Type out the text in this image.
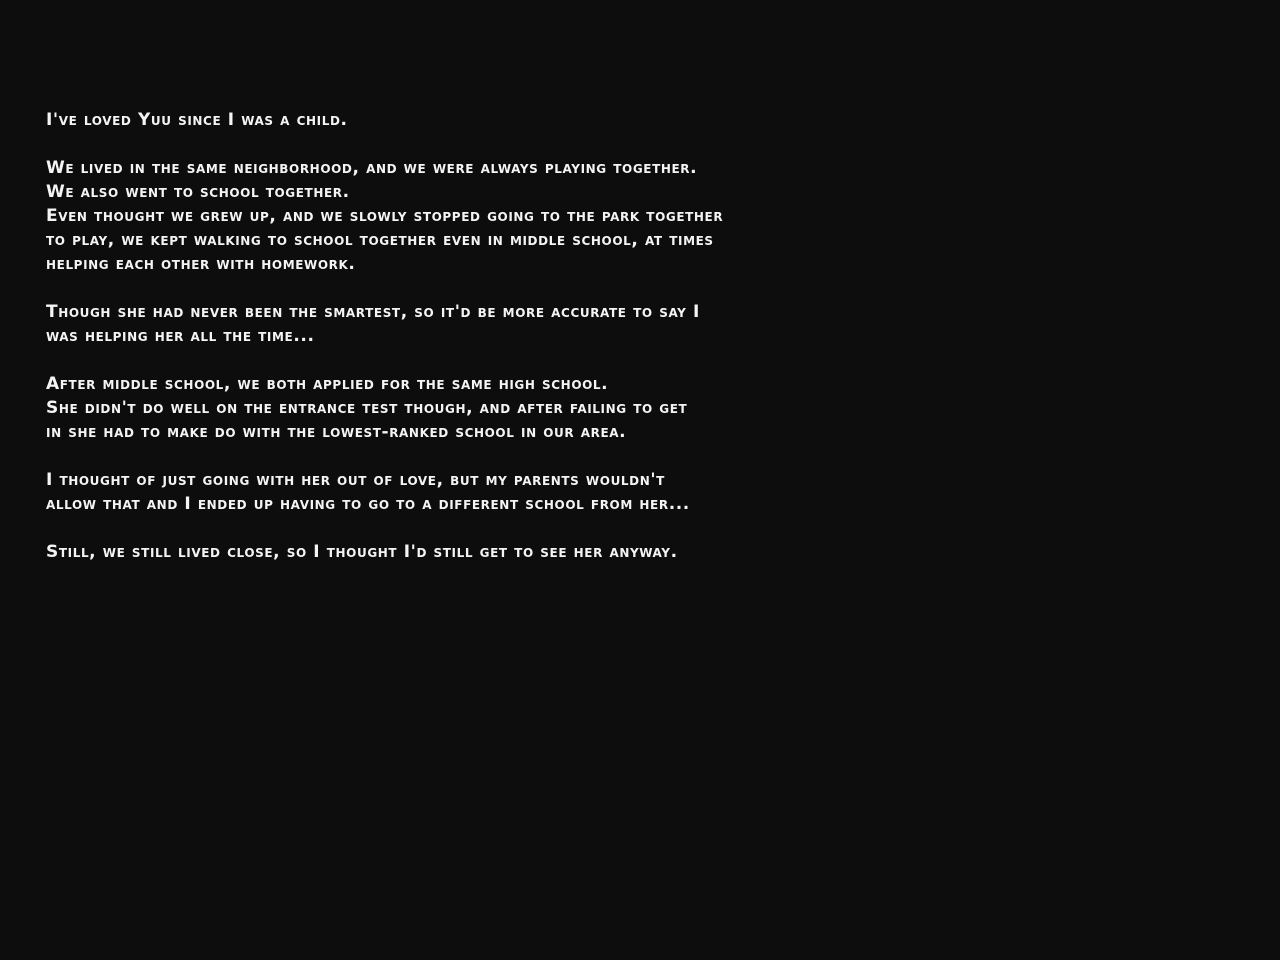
I've loved Yuu since I was a child.
We lived in the same neighborhood, and we were always playing together.
We also went to school together.
Even thought we grew up, and we slowly stopped going to the park together
to play, we kept walking to school together even in middle school, at times
helping each other with homework.
Though she had never been the smartest, so it'd be more accurate to say I
was helping her all the time...
After middle school, we both applied for the same high school.
She didn't do well on the entrance test though, and after failing to get
in she had to make do with the lowest-ranked school in our area.
I thought of just going with her out of love, but my parents wouldn't
allow that and I ended up having to go to a different school from her...
Still, we still lived close, so I thought I'd still get to see her anyway.
